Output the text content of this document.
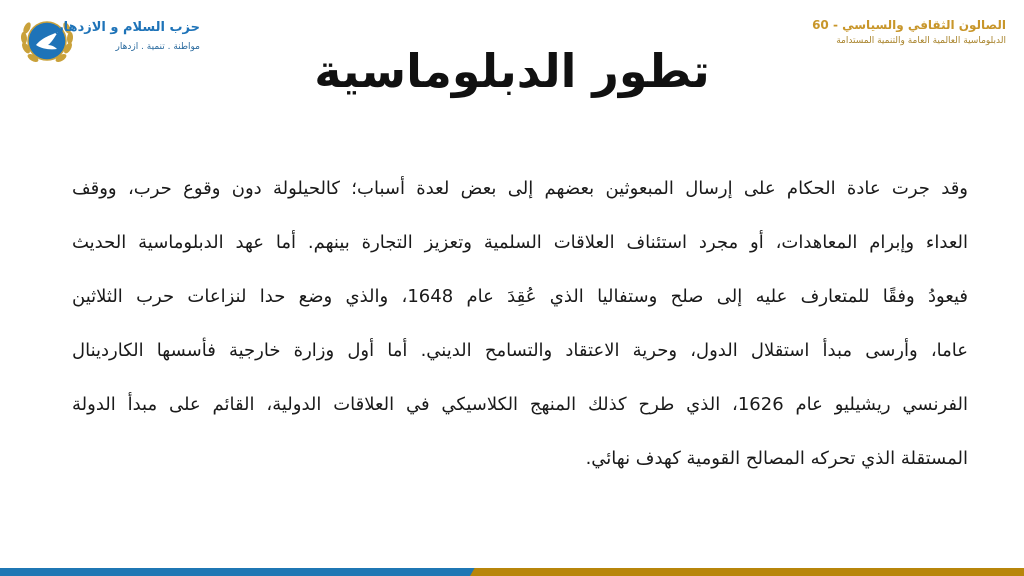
حزب السلام و الازدهار
مواطنة . تنمية . ازدهار
الصالون الثقافي والسياسي - 60
الدبلوماسية العالمية العامة والتنمية المستدامة
تطور الدبلوماسية
وقد جرت عادة الحكام على إرسال المبعوثين بعضهم إلى بعض لعدة أسباب؛ كالحيلولة دون وقوع حرب، ووقف
العداء وإبرام المعاهدات، أو مجرد استئناف العلاقات السلمية وتعزيز التجارة بينهم. أما عهد الدبلوماسية الحديث
فيعودُ وفقًا للمتعارف عليه إلى صلح وستفاليا الذي عُقِدَ عام 1648، والذي وضع حدا لنزاعات حرب الثلاثين
عاما، وأرسى مبدأ استقلال الدول، وحرية الاعتقاد والتسامح الديني. أما أول وزارة خارجية فأسسها الكاردينال
الفرنسي ريشيليو عام 1626، الذي طرح كذلك المنهج الكلاسيكي في العلاقات الدولية، القائم على مبدأ الدولة
المستقلة الذي تحركه المصالح القومية كهدف نهائي.
